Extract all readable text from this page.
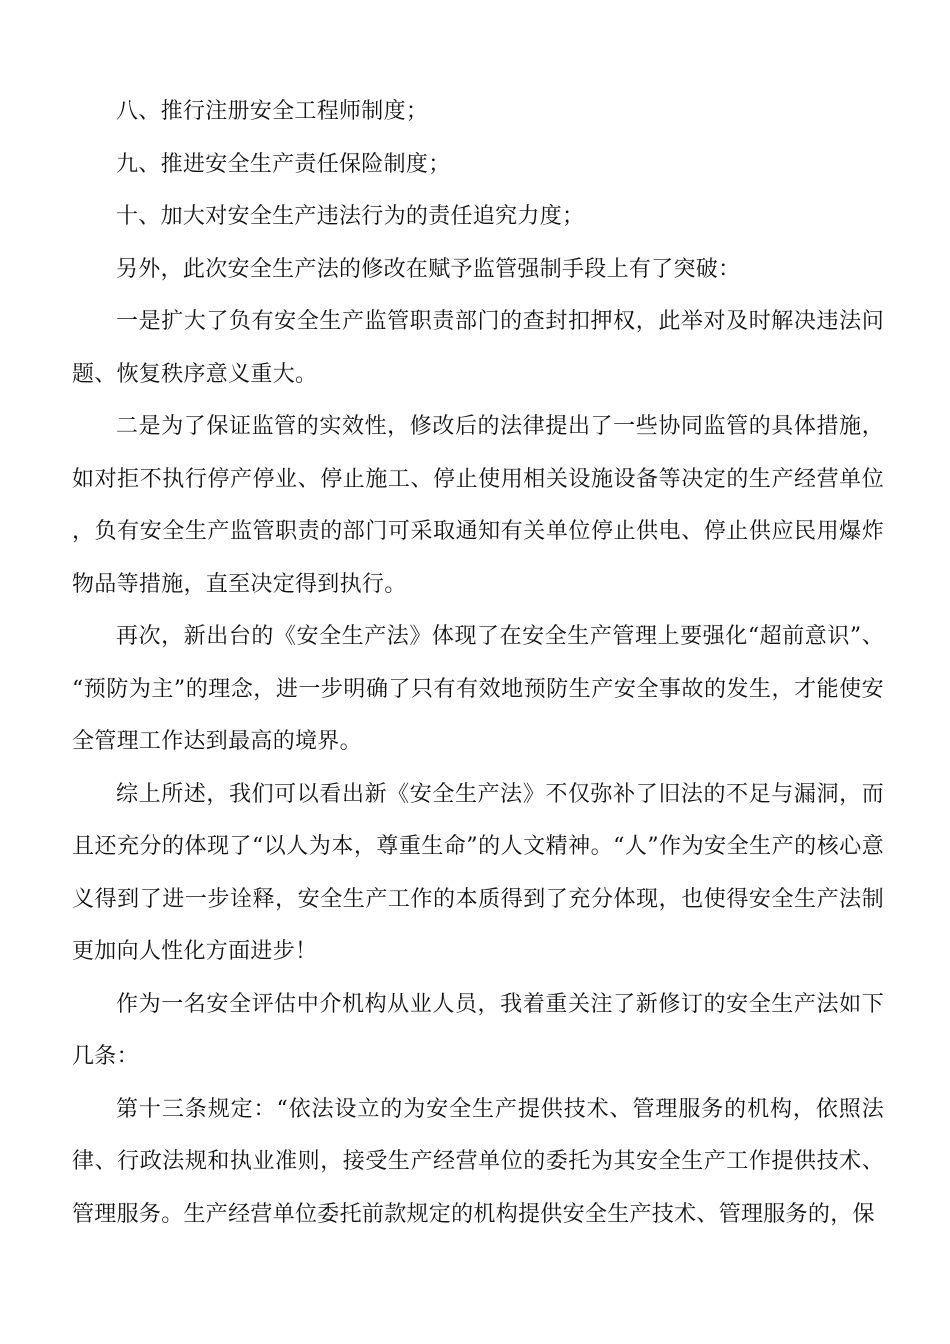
八、推行注册安全工程师制度；

九、推进安全生产责任保险制度；

十、加大对安全生产违法行为的责任追究力度；

另外，此次安全生产法的修改在赋予监管强制手段上有了突破：

一是扩大了负有安全生产监管职责部门的查封扣押权，此举对及时解决违法问题、恢复秩序意义重大。

二是为了保证监管的实效性，修改后的法律提出了一些协同监管的具体措施，如对拒不执行停产停业、停止施工、停止使用相关设施设备等决定的生产经营单位，负有安全生产监管职责的部门可采取通知有关单位停止供电、停止供应民用爆炸物品等措施，直至决定得到执行。

再次，新出台的《安全生产法》体现了在安全生产管理上要强化“超前意识”、“预防为主”的理念，进一步明确了只有有效地预防生产安全事故的发生，才能使安全管理工作达到最高的境界。

综上所述，我们可以看出新《安全生产法》不仅弥补了旧法的不足与漏洞，而且还充分的体现了“以人为本，尊重生命”的人文精神。“人”作为安全生产的核心意义得到了进一步诠释，安全生产工作的本质得到了充分体现，也使得安全生产法制更加向人性化方面进步！

作为一名安全评估中介机构从业人员，我着重关注了新修订的安全生产法如下几条：

第十三条规定：“依法设立的为安全生产提供技术、管理服务的机构，依照法律、行政法规和执业准则，接受生产经营单位的委托为其安全生产工作提供技术、管理服务。生产经营单位委托前款规定的机构提供安全生产技术、管理服务的，保
